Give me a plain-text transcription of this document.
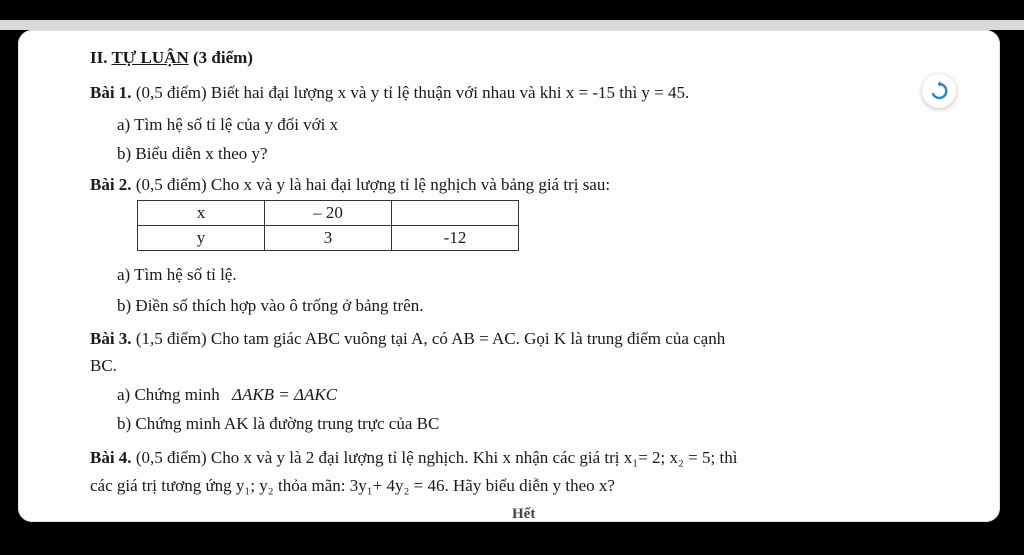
II. TỰ LUẬN (3 điểm)
Bài 1. (0,5 điểm) Biết hai đại lượng x và y tỉ lệ thuận với nhau và khi x = -15 thì y = 45.
a) Tìm hệ số tỉ lệ của y đối với x
b) Biểu diễn x theo y?
Bài 2. (0,5 điểm) Cho x và y là hai đại lượng tỉ lệ nghịch và bảng giá trị sau:
x	– 20	
y	3	-12
a) Tìm hệ số tỉ lệ.
b) Điền số thích hợp vào ô trống ở bảng trên.
Bài 3. (1,5 điểm) Cho tam giác ABC vuông tại A, có AB = AC. Gọi K là trung điểm của cạnh
BC.
a) Chứng minh ΔAKB = ΔAKC
b) Chứng minh AK là đường trung trực của BC
Bài 4. (0,5 điểm) Cho x và y là 2 đại lượng tỉ lệ nghịch. Khi x nhận các giá trị x₁= 2; x₂ = 5; thì
các giá trị tương ứng y₁; y₂ thỏa mãn: 3y₁+ 4y₂ = 46. Hãy biểu diễn y theo x?
Hết
